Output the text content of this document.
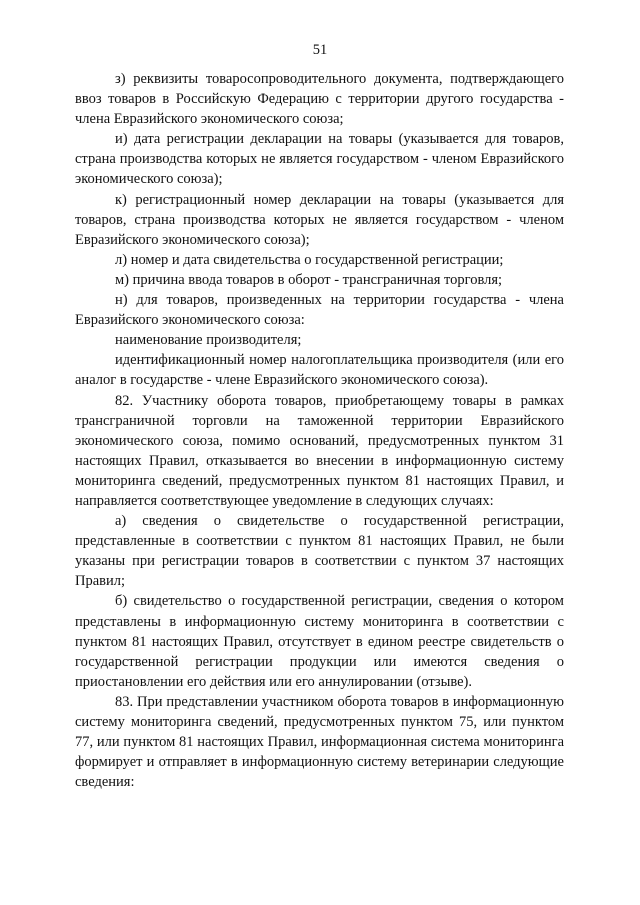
51

з) реквизиты товаросопроводительного документа, подтверждающего ввоз товаров в Российскую Федерацию с территории другого государства - члена Евразийского экономического союза;

и) дата регистрации декларации на товары (указывается для товаров, страна производства которых не является государством - членом Евразийского экономического союза);

к) регистрационный номер декларации на товары (указывается для товаров, страна производства которых не является государством - членом Евразийского экономического союза);

л) номер и дата свидетельства о государственной регистрации;

м) причина ввода товаров в оборот - трансграничная торговля;

н) для товаров, произведенных на территории государства - члена Евразийского экономического союза:

наименование производителя;

идентификационный номер налогоплательщика производителя (или его аналог в государстве - члене Евразийского экономического союза).

82. Участнику оборота товаров, приобретающему товары в рамках трансграничной торговли на таможенной территории Евразийского экономического союза, помимо оснований, предусмотренных пунктом 31 настоящих Правил, отказывается во внесении в информационную систему мониторинга сведений, предусмотренных пунктом 81 настоящих Правил, и направляется соответствующее уведомление в следующих случаях:

а) сведения о свидетельстве о государственной регистрации, представленные в соответствии с пунктом 81 настоящих Правил, не были указаны при регистрации товаров в соответствии с пунктом 37 настоящих Правил;

б) свидетельство о государственной регистрации, сведения о котором представлены в информационную систему мониторинга в соответствии с пунктом 81 настоящих Правил, отсутствует в едином реестре свидетельств о государственной регистрации продукции или имеются сведения о приостановлении его действия или его аннулировании (отзыве).

83. При представлении участником оборота товаров в информационную систему мониторинга сведений, предусмотренных пунктом 75, или пунктом 77, или пунктом 81 настоящих Правил, информационная система мониторинга формирует и отправляет в информационную систему ветеринарии следующие сведения:
